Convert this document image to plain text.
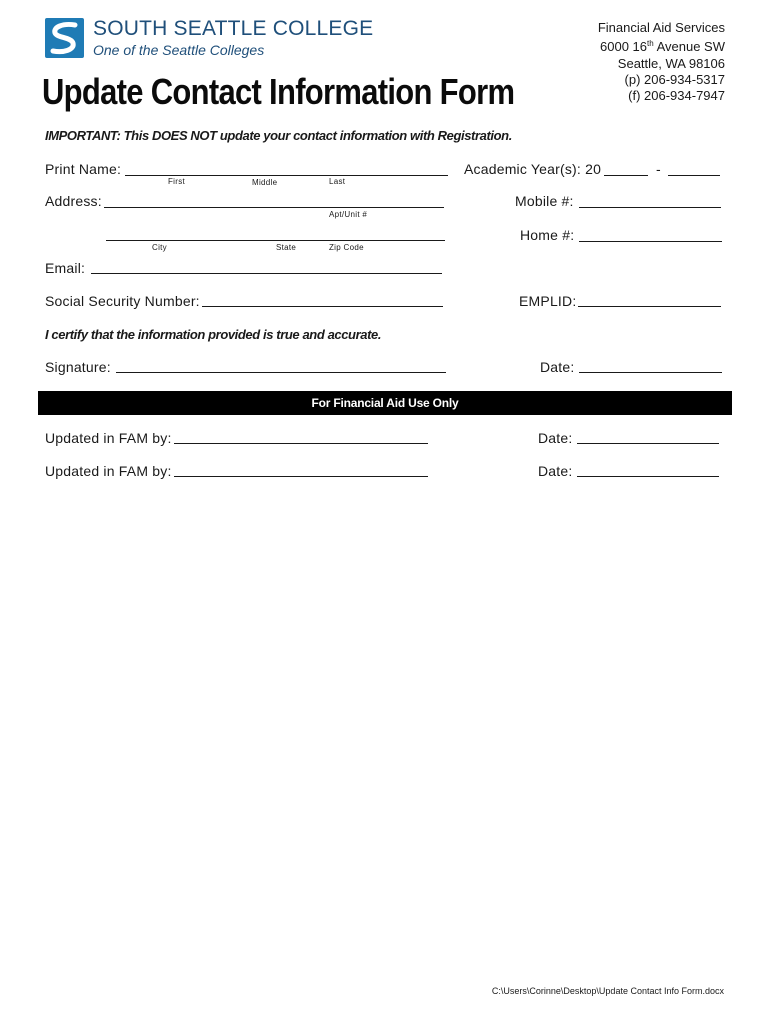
SOUTH SEATTLE COLLEGE
One of the Seattle Colleges
Financial Aid Services
6000 16th Avenue SW
Seattle, WA 98106
(p) 206-934-5317
(f) 206-934-7947
Update Contact Information Form
IMPORTANT: This DOES NOT update your contact information with Registration.
Print Name:
First	Middle	Last
Academic Year(s): 20	-
Address:
Apt/Unit #
Mobile #:
City	State	Zip Code
Home #:
Email:
Social Security Number:	EMPLID:
I certify that the information provided is true and accurate.
Signature:	Date:
For Financial Aid Use Only
Updated in FAM by:	Date:
Updated in FAM by:	Date:
C:\Users\Corinne\Desktop\Update Contact Info Form.docx
